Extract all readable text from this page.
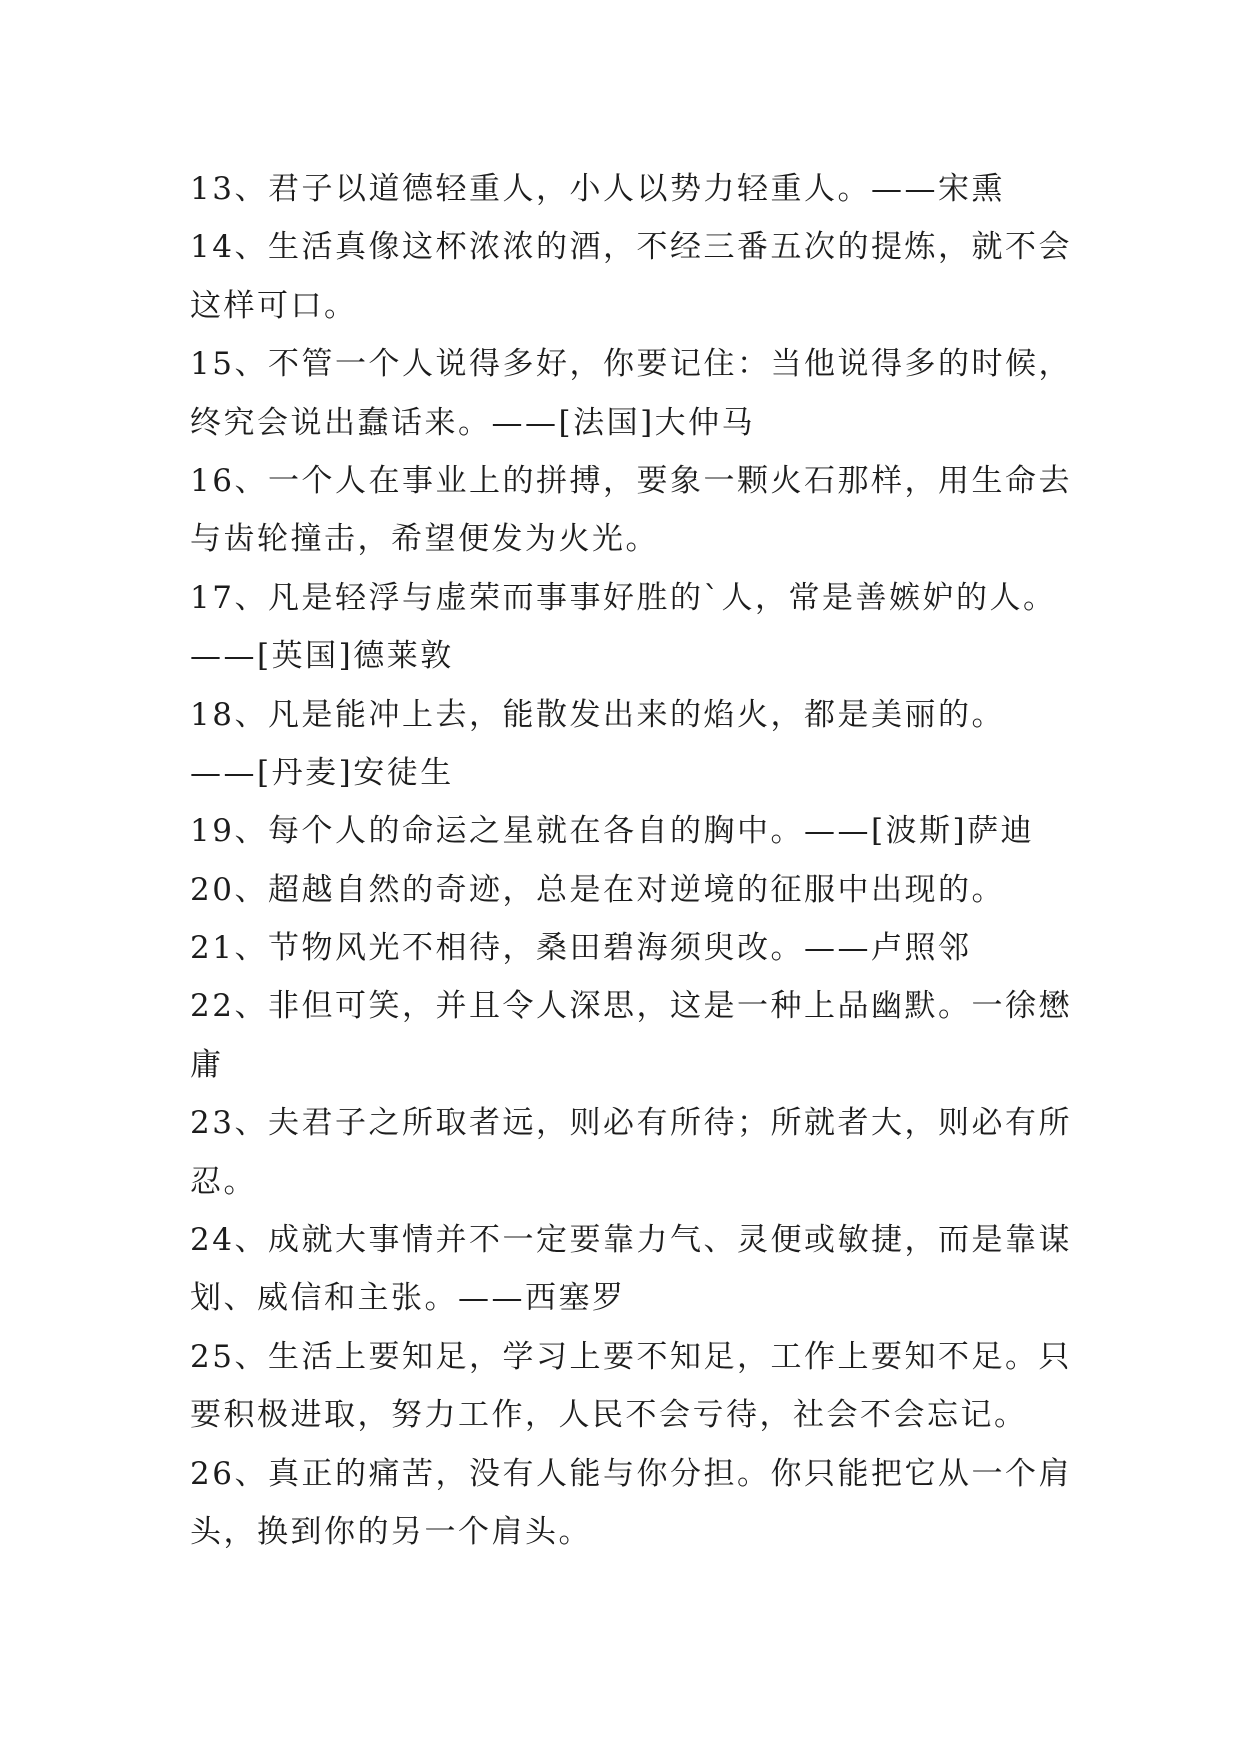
13、君子以道德轻重人，小人以势力轻重人。——宋熏
14、生活真像这杯浓浓的酒，不经三番五次的提炼，就不会
这样可口。
15、不管一个人说得多好，你要记住：当他说得多的时候，
终究会说出蠢话来。——[法国]大仲马
16、一个人在事业上的拼搏，要象一颗火石那样，用生命去
与齿轮撞击，希望便发为火光。
17、凡是轻浮与虚荣而事事好胜的`人，常是善嫉妒的人。
——[英国]德莱敦
18、凡是能冲上去，能散发出来的焰火，都是美丽的。
——[丹麦]安徒生
19、每个人的命运之星就在各自的胸中。——[波斯]萨迪
20、超越自然的奇迹，总是在对逆境的征服中出现的。
21、节物风光不相待，桑田碧海须臾改。——卢照邻
22、非但可笑，并且令人深思，这是一种上品幽默。一徐懋
庸
23、夫君子之所取者远，则必有所待；所就者大，则必有所
忍。
24、成就大事情并不一定要靠力气、灵便或敏捷，而是靠谋
划、威信和主张。——西塞罗
25、生活上要知足，学习上要不知足，工作上要知不足。只
要积极进取，努力工作，人民不会亏待，社会不会忘记。
26、真正的痛苦，没有人能与你分担。你只能把它从一个肩
头，换到你的另一个肩头。
